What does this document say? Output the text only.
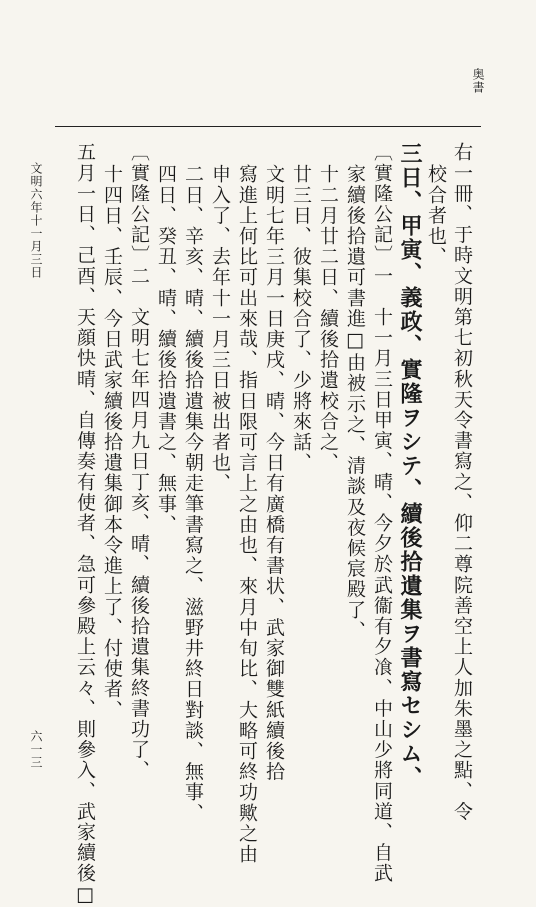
奥書
右一冊、于時文明第七初秋天令書寫之、仰二尊院善空上人加朱墨之點、令
校合者也、
三日、甲寅、義政、實隆ヲシテ、續後拾遺集ヲ書寫セシム、
〔實隆公記〕一　十一月三日甲寅、晴、今夕於武衞有夕飡、中山少將同道、自武
家續後拾遺可書進□由被示之、清談及夜候宸殿了、
十二月廿二日、續後拾遺校合之、
廿三日、彼集校合了、少將來話、
文明七年三月一日庚戌、晴、今日有廣橋有書状、武家御雙紙續後拾
寫進上何比可出來哉、指日限可言上之由也、來月中旬比、大略可終功歟之由
申入了、去年十一月三日被出者也、
二日、辛亥、晴、續後拾遺集今朝走筆書寫之、滋野井終日對談、無事、
四日、癸丑、晴、續後拾遺書之、無事、
〔實隆公記〕二　文明七年四月九日丁亥、晴、續後拾遺集終書功了、
十四日、壬辰、今日武家續後拾遺集御本令進上了、付使者、
五月一日、己酉、天顔快晴、自傳奏有使者、急可參殿上云々、則參入、武家續後□
文明六年十一月三日
六一三
